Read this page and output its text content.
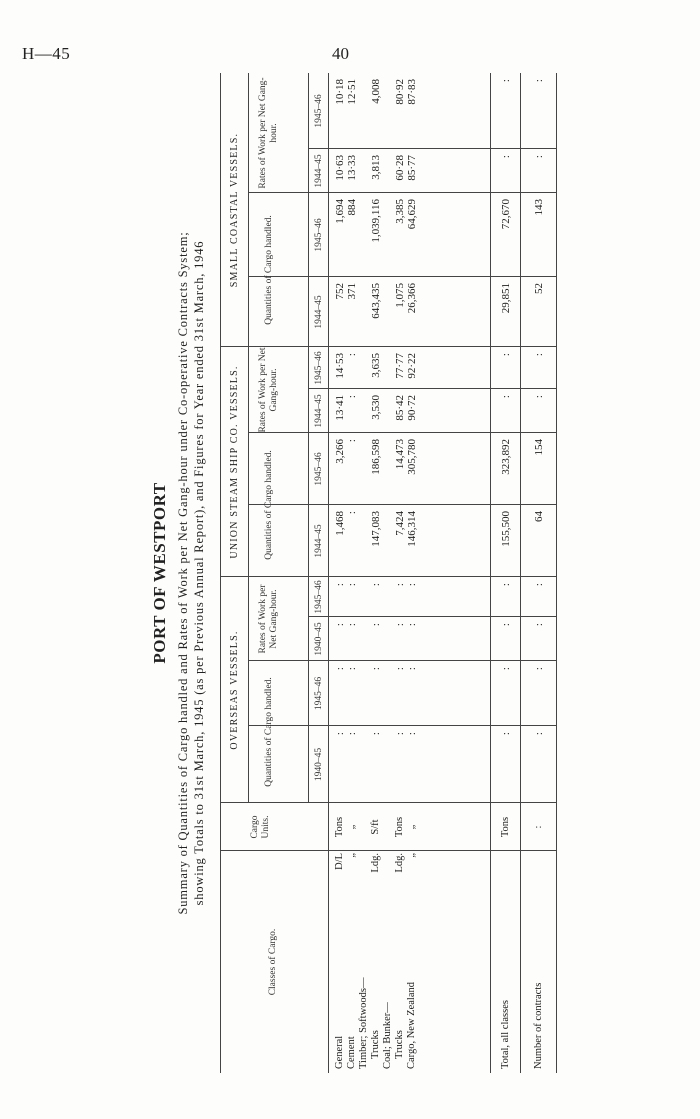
H—45	40
PORT OF WESTPORT Summary of Quantities of Cargo handled and Rates of Work per Net Gang-hour under Co-operative Contracts System; showing Totals to 31st March, 1945 (as per Previous Annual Report), and Figures for Year ended 31st March, 1946
Classes of Cargo.
Cargo Units.
OVERSEAS VESSELS.
UNION STEAM SHIP CO. VESSELS.
SMALL COASTAL VESSELS.
Quantities of Cargo handled.
Rates of Work per Net Gang-hour.
Quantities of Cargo handled.
Rates of Work per Net Gang-hour.
Quantities of Cargo handled.
Rates of Work per Net Gang-hour.
1940–45
1945–46
1940–45
1945–46
1944–45
1945–46
1944–45
1945–46
1944–45
1945–46
1944–45
1945–46
General
D/L
Tons
:
:
:
:
1,468
3,266
13·41
14·53
752
1,694
10·63
10·18
Cement
„
„
:
:
:
:
:
:
:
:
371
884
13·33
12·51
Timber; Softwoods— Trucks
Ldg.
S/ft
:
:
:
:
147,083
186,598
3,530
3,635
643,435
1,039,116
3,813
4,008
Coal; Bunker— Trucks
Ldg.
Tons
:
:
:
:
7,424
14,473
85·42
77·77
1,075
3,385
60·28
80·92
Cargo, New Zealand
„
„
:
:
:
:
146,314
305,780
90·72
92·22
26,366
64,629
85·77
87·83
Total, all classes
Tons
:
:
:
:
155,500
323,892
:
:
29,851
72,670
:
:
Number of contracts
:
:
:
:
:
64
154
:
:
52
143
:
:
